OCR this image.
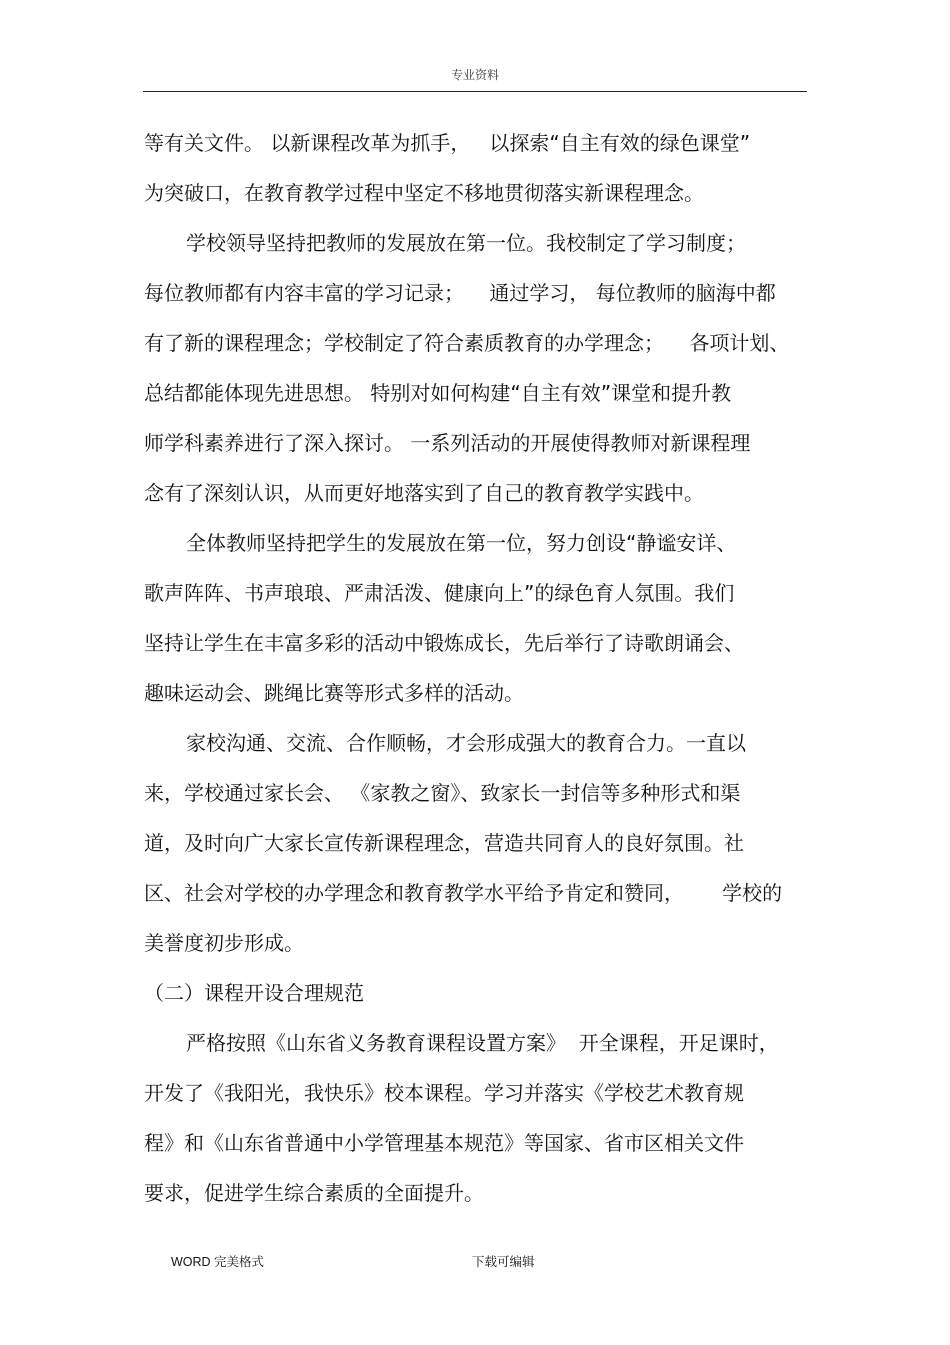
专业资料
等有关文件。 以新课程改革为抓手，   以探索“自主有效的绿色课堂”
为突破口，在教育教学过程中坚定不移地贯彻落实新课程理念。
学校领导坚持把教师的发展放在第一位。我校制定了学习制度；
每位教师都有内容丰富的学习记录；    通过学习， 每位教师的脑海中都
有了新的课程理念；学校制定了符合素质教育的办学理念；    各项计划、
总结都能体现先进思想。 特别对如何构建“自主有效”课堂和提升教
师学科素养进行了深入探讨。 一系列活动的开展使得教师对新课程理
念有了深刻认识，从而更好地落实到了自己的教育教学实践中。
全体教师坚持把学生的发展放在第一位，努力创设“静谧安详、
歌声阵阵、书声琅琅、严肃活泼、健康向上”的绿色育人氛围。我们
坚持让学生在丰富多彩的活动中锻炼成长，先后举行了诗歌朗诵会、
趣味运动会、跳绳比赛等形式多样的活动。
家校沟通、交流、合作顺畅，才会形成强大的教育合力。一直以
来，学校通过家长会、 《家教之窗》、致家长一封信等多种形式和渠
道，及时向广大家长宣传新课程理念，营造共同育人的良好氛围。社
区、社会对学校的办学理念和教育教学水平给予肯定和赞同，      学校的
美誉度初步形成。
（二）课程开设合理规范
严格按照《山东省义务教育课程设置方案》  开全课程，开足课时，
开发了《我阳光，我快乐》校本课程。学习并落实《学校艺术教育规
程》和《山东省普通中小学管理基本规范》等国家、省市区相关文件
要求，促进学生综合素质的全面提升。
WORD 完美格式	下载可编辑
